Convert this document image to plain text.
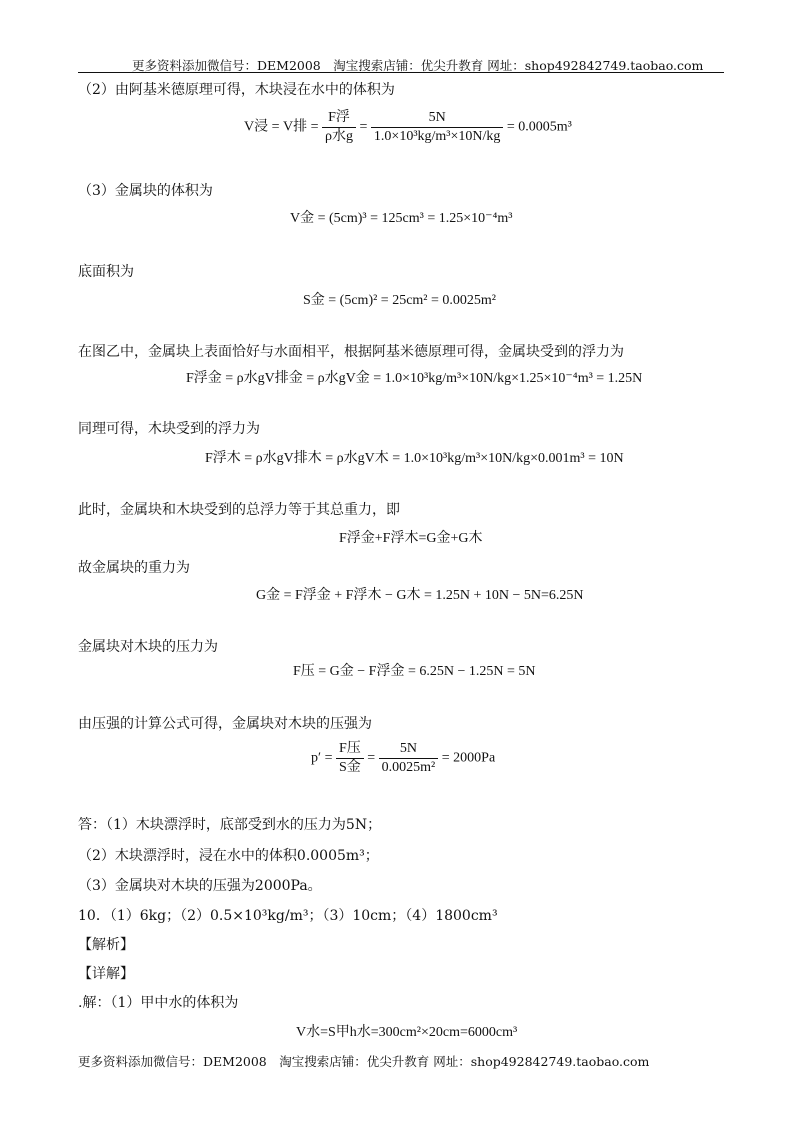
更多资料添加微信号：DEM2008　淘宝搜索店铺：优尖升教育 网址：shop492842749.taobao.com
（2）由阿基米德原理可得，木块浸在水中的体积为
V浸 = V排 = $\frac{\text{F浮}}{\text{ρ水g}} = \frac{5N}{\text{1.0×10³kg/m³×10N/kg}} = 0.0005m^3$
（3）金属块的体积为
V金 = (5cm)³ = 125cm³ = 1.25×10⁻⁴m³
底面积为
S金 = (5cm)² = 25cm² = 0.0025m²
在图乙中，金属块上表面恰好与水面相平，根据阿基米德原理可得，金属块受到的浮力为
F浮金 = ρ水gV排金 = ρ水gV金 = 1.0×10³kg/m³×10N/kg×1.25×10⁻⁴m³ = 1.25N
同理可得，木块受到的浮力为
F浮木 = ρ水gV排木 = ρ水gV木 = 1.0×10³kg/m³×10N/kg×0.001m³ = 10N
此时，金属块和木块受到的总浮力等于其总重力，即
F浮金+F浮木=G金+G木
故金属块的重力为
G金 = F浮金 + F浮木 − G木 = 1.25N + 10N − 5N=6.25N
金属块对木块的压力为
F压 = G金 − F浮金 = 6.25N − 1.25N = 5N
由压强的计算公式可得，金属块对木块的压强为
$p' = \frac{\text{F压}}{\text{S金}} = \frac{5N}{\text{0.0025m²}} = 2000Pa$
答：（1）木块漂浮时，底部受到水的压力为5N；
（2）木块漂浮时，浸在水中的体积0.0005m³；
（3）金属块对木块的压强为2000Pa。
10．（1）6kg；（2）0.5×10³kg/m³；（3）10cm；（4）1800cm³
【解析】
【详解】
.解：（1）甲中水的体积为
V水=S甲h水=300cm²×20cm=6000cm³
更多资料添加微信号：DEM2008　淘宝搜索店铺：优尖升教育 网址：shop492842749.taobao.com
